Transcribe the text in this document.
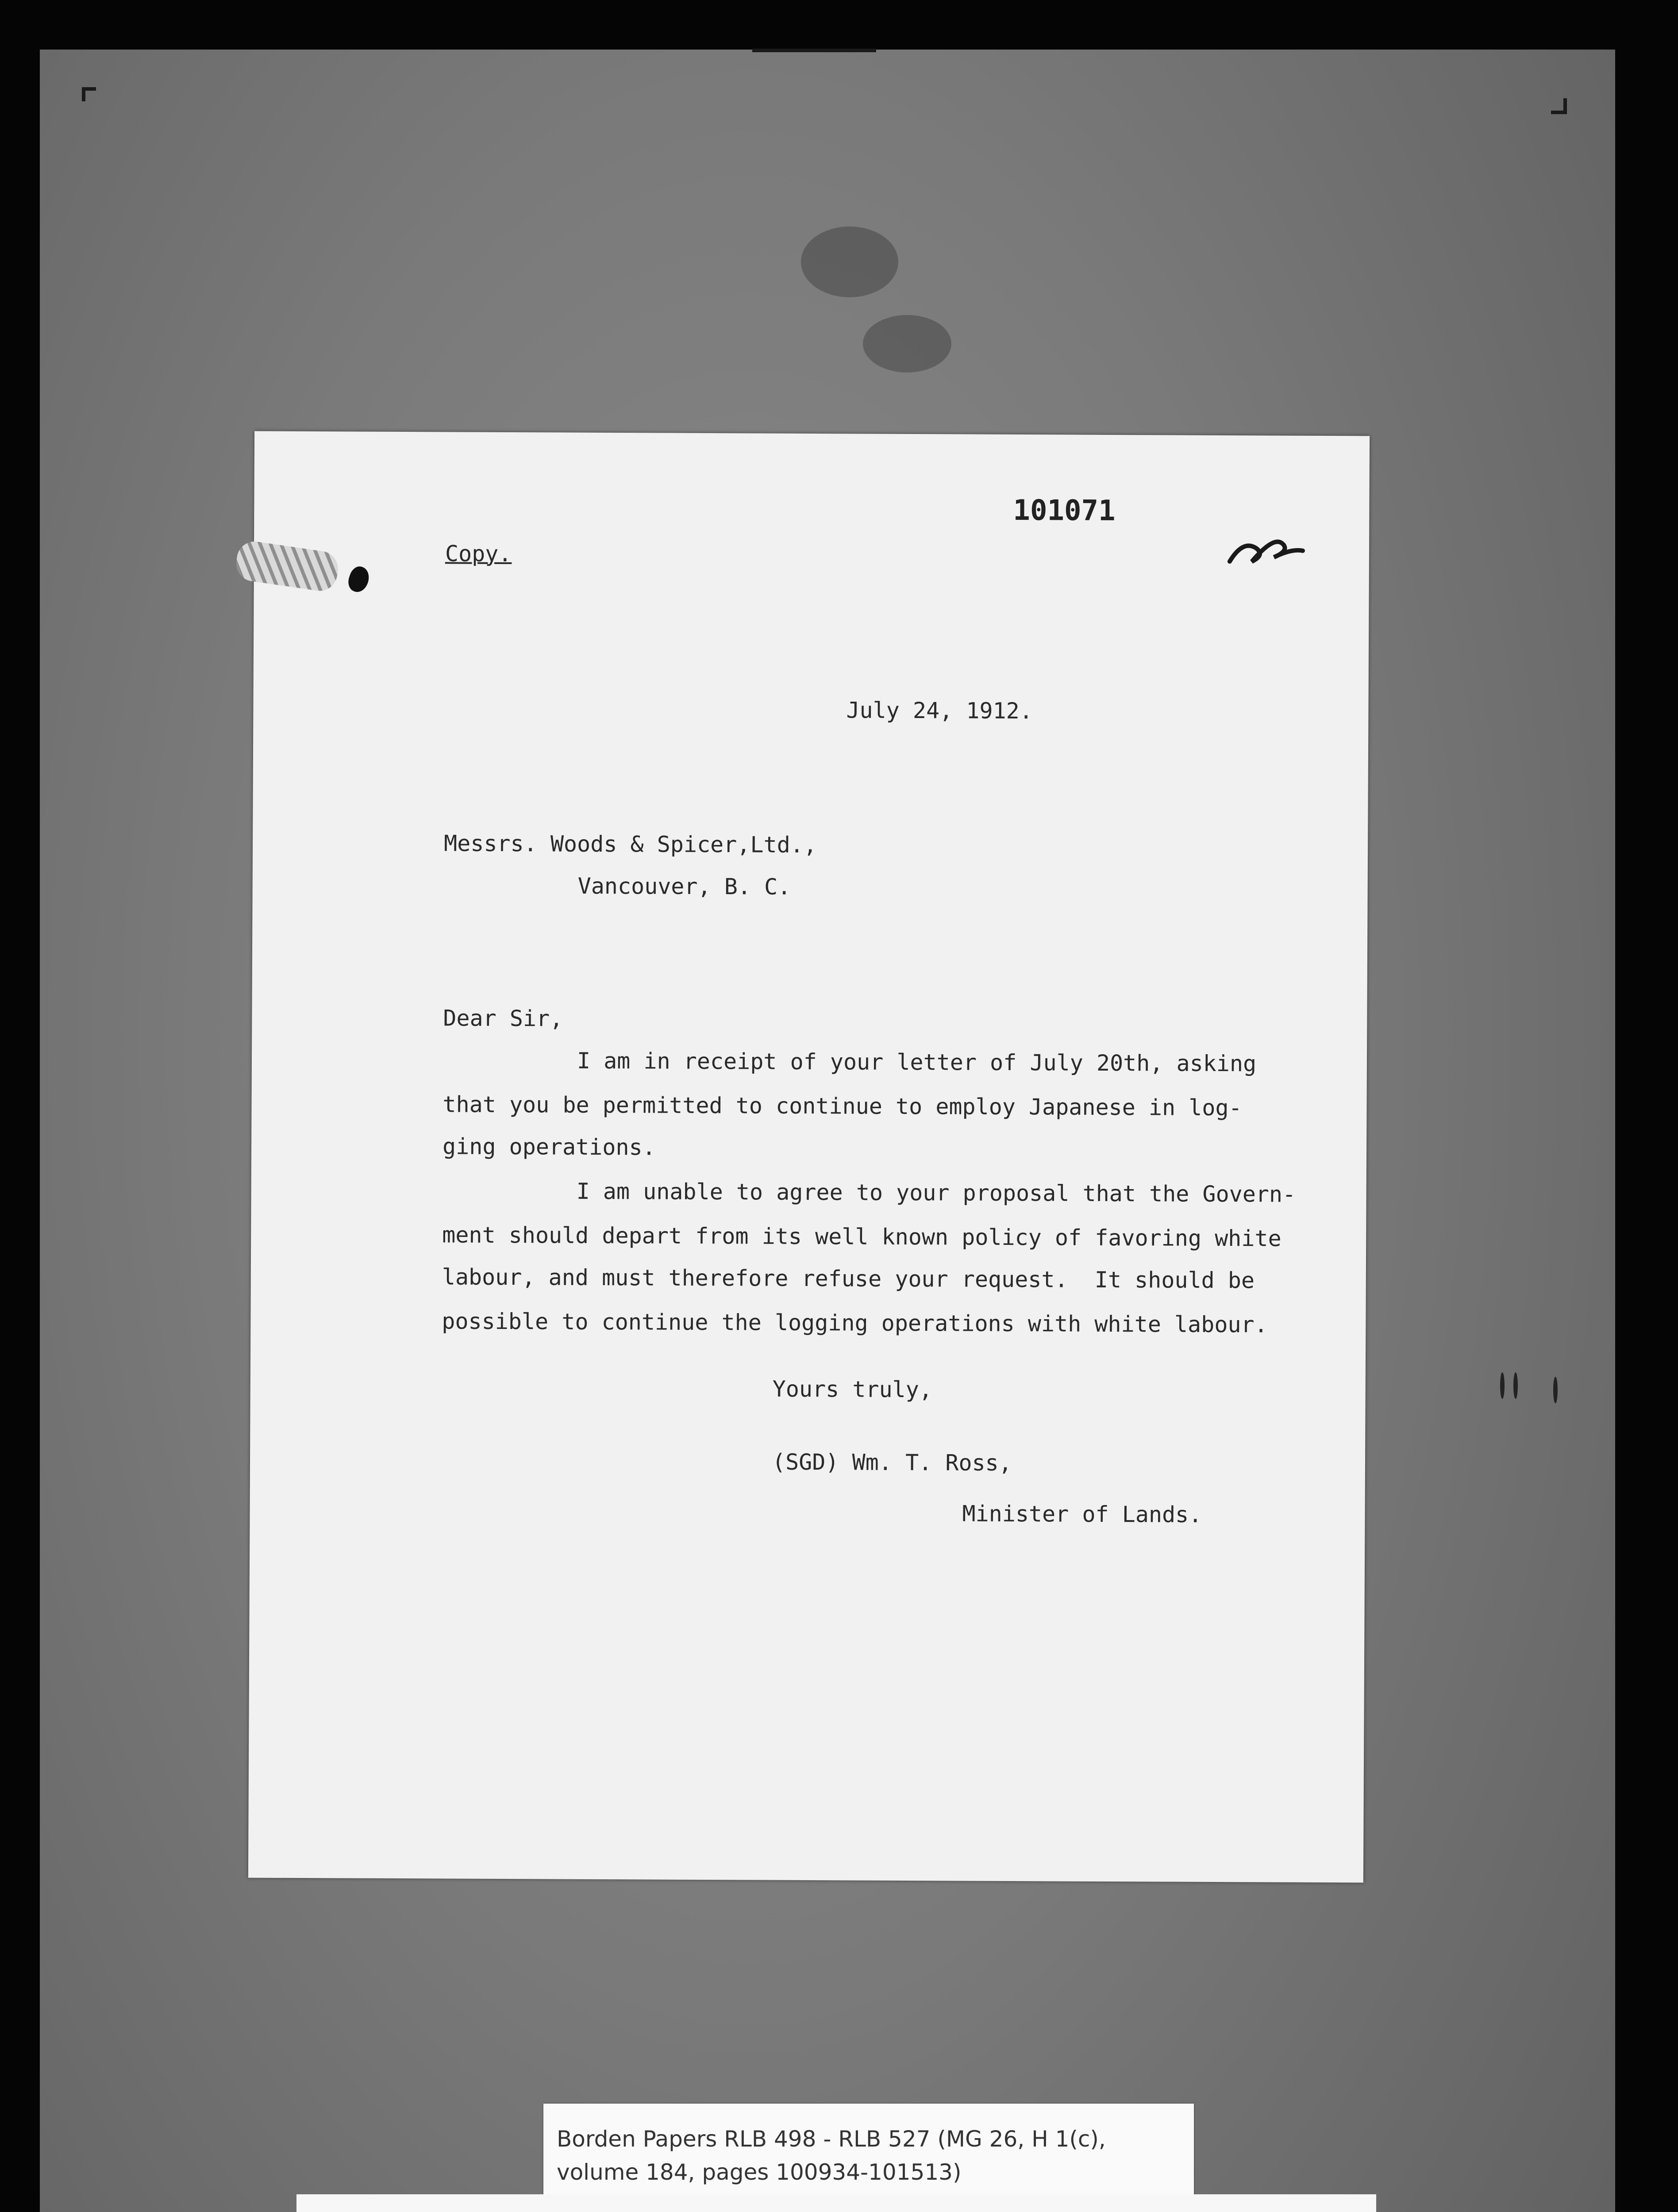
101071
Copy.
July 24, 1912.
Messrs. Woods & Spicer,Ltd.,
Vancouver, B. C.
Dear Sir,
I am in receipt of your letter of July 20th, asking
that you be permitted to continue to employ Japanese in log-
ging operations.
I am unable to agree to your proposal that the Govern-
ment should depart from its well known policy of favoring white
labour, and must therefore refuse your request.  It should be
possible to continue the logging operations with white labour.
Yours truly,
(SGD) Wm. T. Ross,
Minister of Lands.
Borden Papers RLB 498 - RLB 527 (MG 26, H 1(c),
volume 184, pages 100934-101513)
